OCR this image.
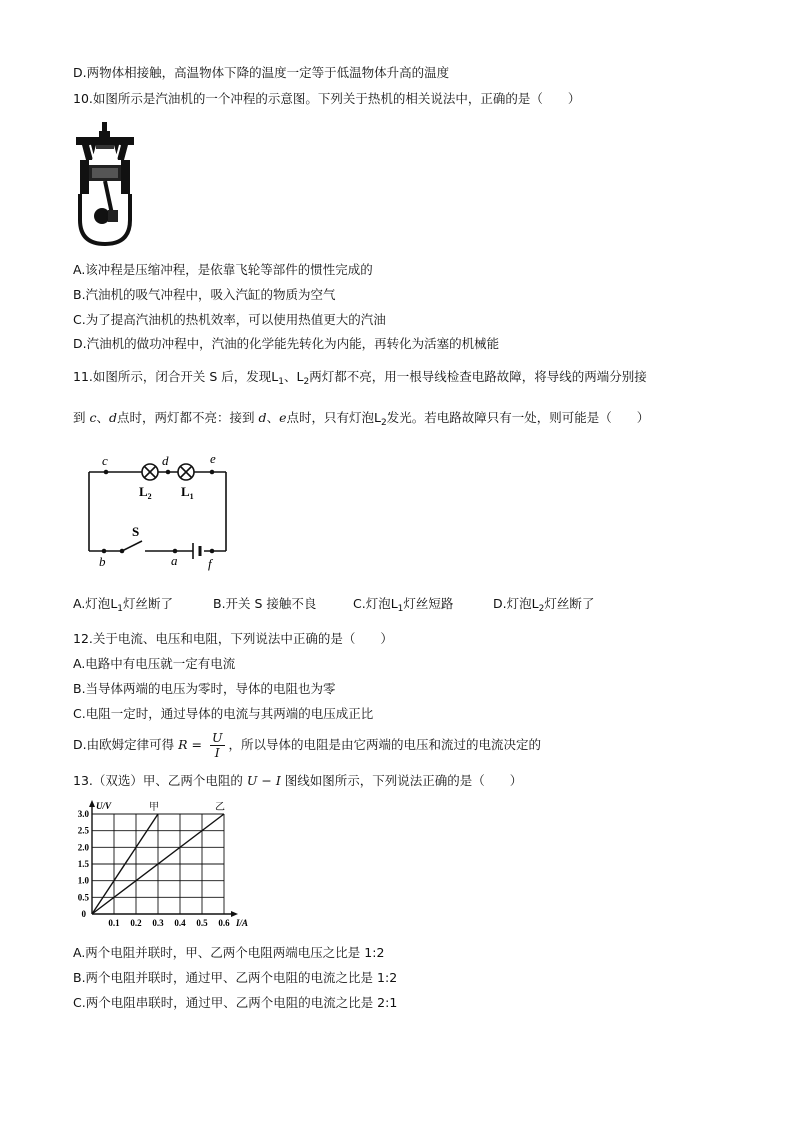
D.两物体相接触，高温物体下降的温度一定等于低温物体升高的温度
10.如图所示是汽油机的一个冲程的示意图。下列关于热机的相关说法中，正确的是（　　）
A.该冲程是压缩冲程，是依靠飞轮等部件的惯性完成的
B.汽油机的吸气冲程中，吸入汽缸的物质为空气
C.为了提高汽油机的热机效率，可以使用热值更大的汽油
D.汽油机的做功冲程中，汽油的化学能先转化为内能，再转化为活塞的机械能
11.如图所示，闭合开关 S 后，发现$L_1$、$L_2$两灯都不亮，用一根导线检查电路故障，将导线的两端分别接
到 c、d点时，两灯都不亮：接到 d、e点时，只有灯泡$L_2$发光。若电路故障只有一处，则可能是（　　）
c	d	e
$L_2$ $L_1$
S
b	a f
A.灯泡$L_1$灯丝断了	B.开关 S 接触不良	C.灯泡$L_1$灯丝短路	D.灯泡$L_2$灯丝断了
12.关于电流、电压和电阻，下列说法中正确的是（　　）
A.电路中有电压就一定有电流
B.当导体两端的电压为零时，导体的电阻也为零
C.电阻一定时，通过导体的电流与其两端的电压成正比
D.由欧姆定律可得 $R = \frac{U}{I}$ ，所以导体的电阻是由它两端的电压和流过的电流决定的
13.（双选）甲、乙两个电阻的 U − I 图线如图所示，下列说法正确的是（　　）
0.1 0.2 0.3 0.4 0.5 0.6
0.5
1.0
1.5
2.0
2.5
3.0
0
I/A
U/V	甲	乙
A.两个电阻并联时，甲、乙两个电阻两端电压之比是 1:2
B.两个电阻并联时，通过甲、乙两个电阻的电流之比是 1:2
C.两个电阻串联时，通过甲、乙两个电阻的电流之比是 2:1
